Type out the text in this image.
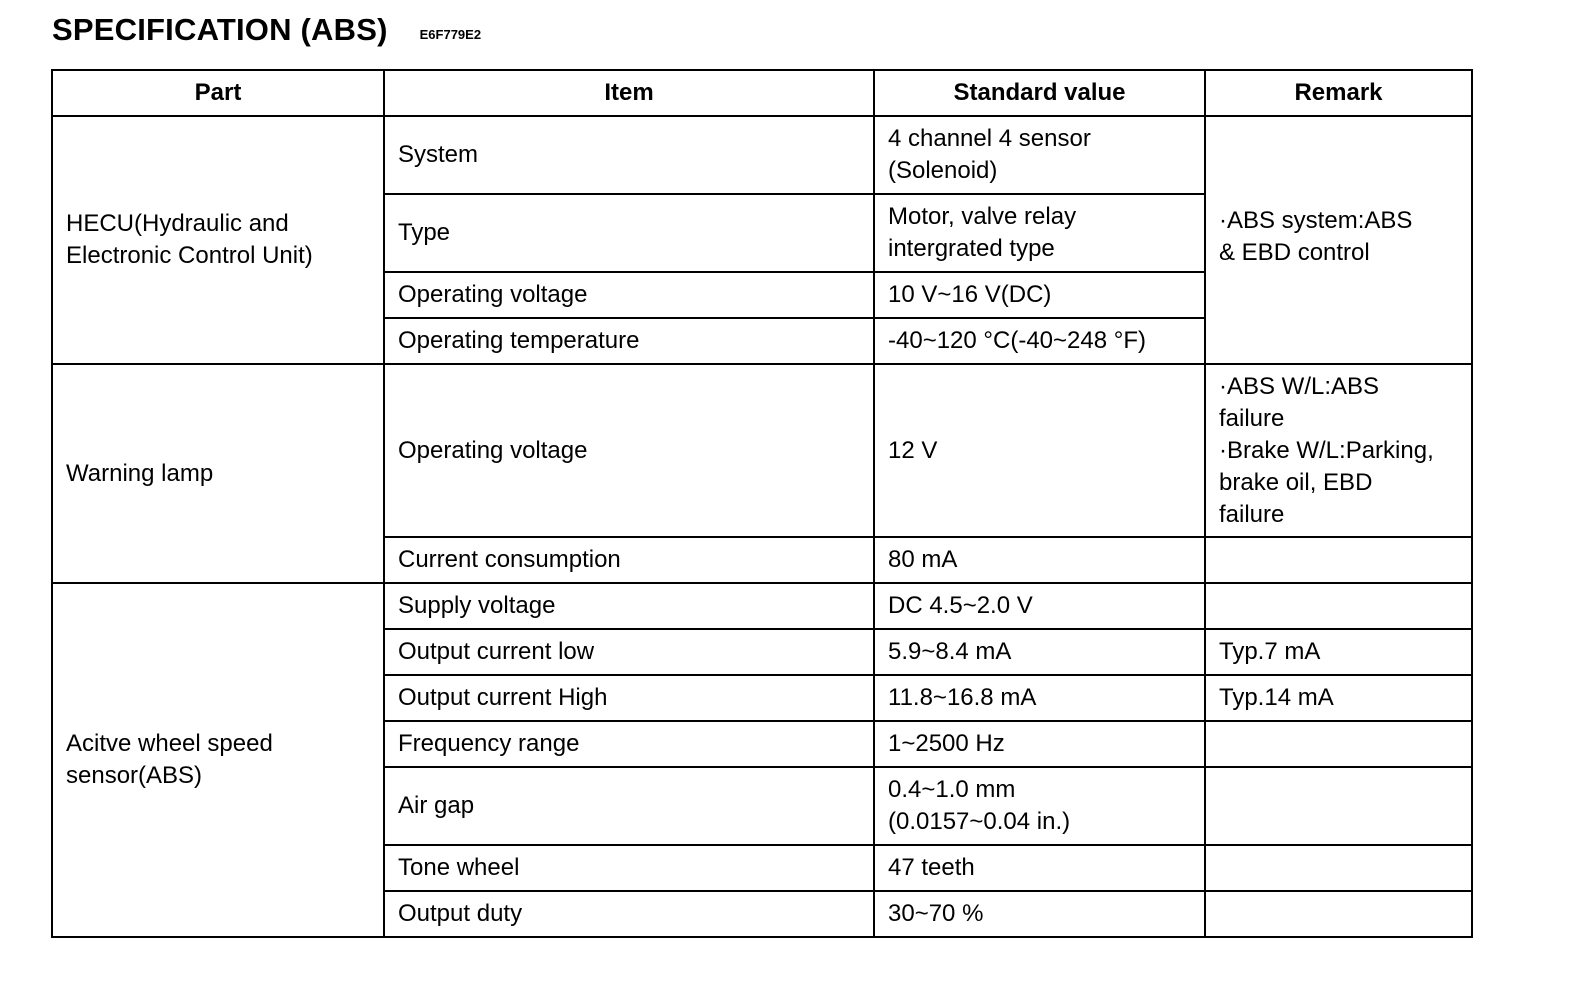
SPECIFICATION (ABS) E6F779E2
Part	Item	Standard value	Remark

HECU(Hydraulic and
Electronic Control Unit)	System	4 channel 4 sensor
(Solenoid)	·ABS system:ABS
& EBD control

	Type	Motor, valve relay
intergrated type	

	Operating voltage	10 V~16 V(DC)	
	Operating temperature	-40~120 °C(-40~248 °F)	
Warning lamp	Operating voltage	12 V	·ABS W/L:ABS
failure
·Brake W/L:Parking,
brake oil, EBD
failure

	Current consumption	80 mA	

Acitve wheel speed
sensor(ABS)	Supply voltage	DC 4.5~2.0 V	
	Output current low	5.9~8.4 mA	Typ.7 mA
	Output current High	11.8~16.8 mA	Typ.14 mA
	Frequency range	1~2500 Hz	
	Air gap	0.4~1.0 mm
(0.0157~0.04 in.)	

	Tone wheel	47 teeth	
	Output duty	30~70 %	
